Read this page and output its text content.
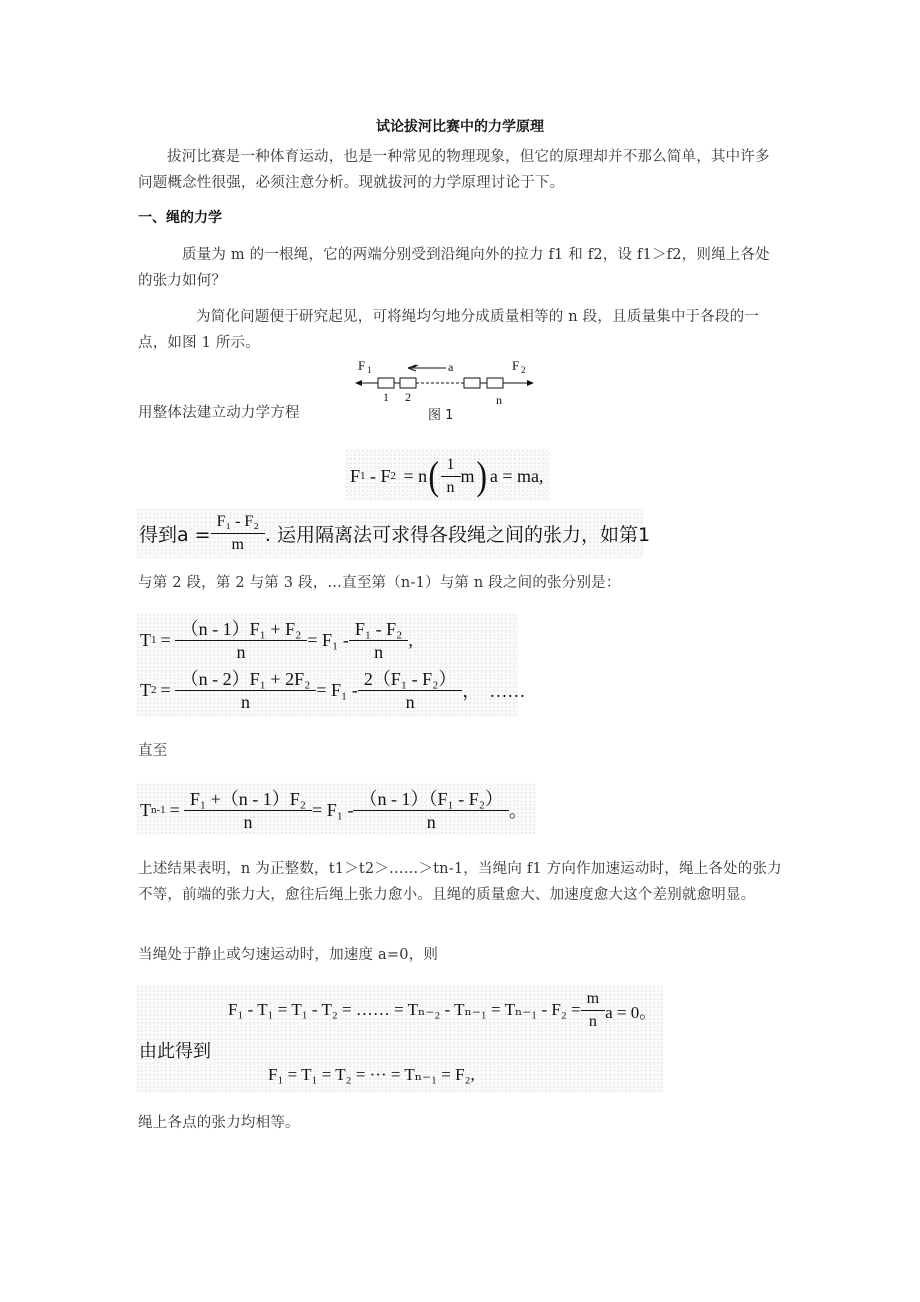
试论拔河比赛中的力学原理
拔河比赛是一种体育运动，也是一种常见的物理现象，但它的原理却并不那么简单，其中许多问题概念性很强，必须注意分析。现就拔河的力学原理讨论于下。
一、绳的力学
质量为 m 的一根绳，它的两端分别受到沿绳向外的拉力 f1 和 f2，设 f1＞f2，则绳上各处的张力如何？
为简化问题便于研究起见，可将绳均匀地分成质量相等的 n 段，且质量集中于各段的一点，如图 1 所示。
F 1	F 2
a
1 2	n
图 1
用整体法建立动力学方程
F 1 - F 2 = n ( $\frac{1}{n}$ m ) a = ma,
得到$a = \frac{\text{F₁ - F₂}}{m}$ . 运用隔离法可求得各段绳之间的张力，如第1
与第 2 段，第 2 与第 3 段，…直至第（n-1）与第 n 段之间的张分别是：
T $1 = \frac{\text{（n - 1）F₁ + F₂}}{n} = F_1 - \frac{\text{F₁ - F₂}}{n}$ ,
T $2 = \frac{\text{（n - 2）F₁ + 2F₂}}{n} = F_1 - \frac{\text{2（F₁ - F₂）}}{n}$ ，  ……
直至
T $n-1 = \frac{\text{F₁ +（n - 1）F₂}}{n} = F_1 - \frac{\text{（n - 1）（F₁ - F₂）}}{n}$ 。
上述结果表明，n 为正整数，t1＞t2＞……＞tn-1，当绳向 f1 方向作加速运动时，绳上各处的张力不等，前端的张力大，愈往后绳上张力愈小。且绳的质量愈大、加速度愈大这个差别就愈明显。
当绳处于静止或匀速运动时，加速度 a=0，则
F₁ - T₁ = T₁ - T₂ = …… = $T_{n-2} - T_{n-1} = T_{n-1} - F_2 = \frac{m}{n}$ a = 0。
由此得到
F₁ = T₁ = T₂ = ··· = Tₙ₋₁ = F₂,
绳上各点的张力均相等。
